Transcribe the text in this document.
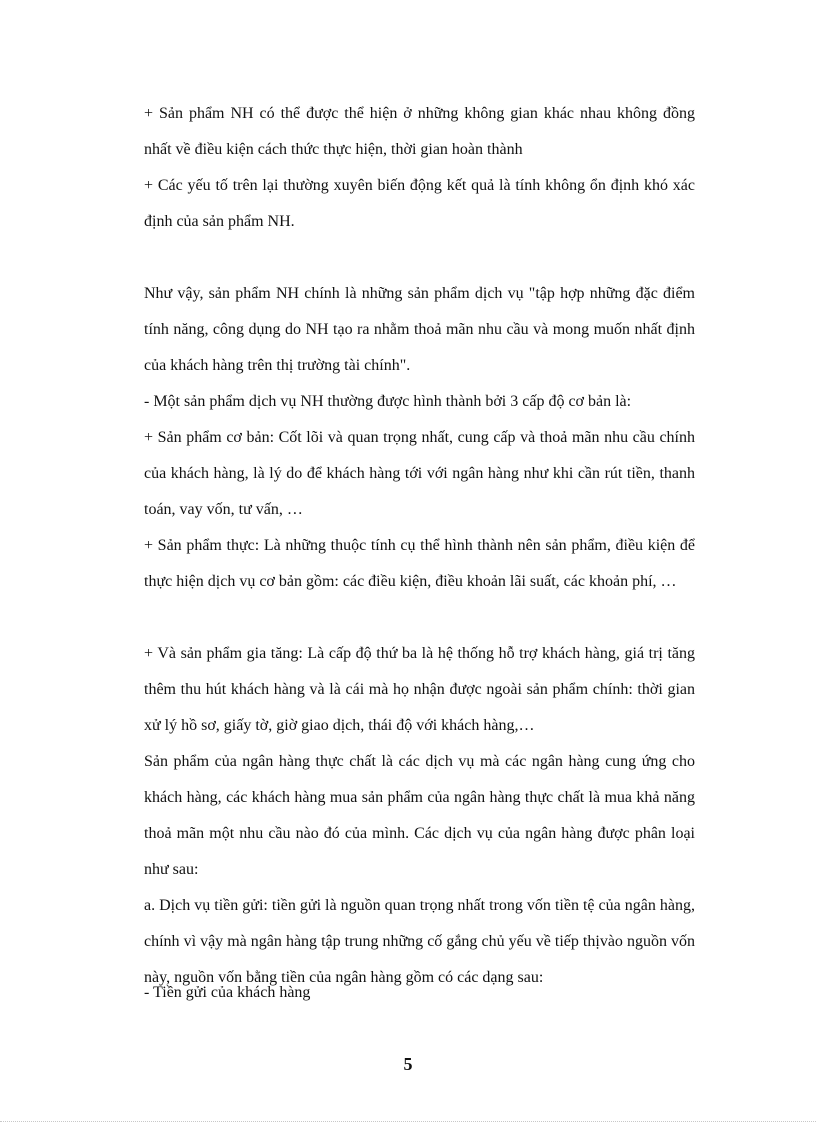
+ Sản phẩm NH có thể được thể hiện ở những không gian khác nhau không đồng nhất về điều kiện cách thức thực hiện, thời gian hoàn thành

+ Các yếu tố trên lại thường xuyên biến động kết quả là tính không ổn định khó xác định của sản phẩm NH.

Như vậy, sản phẩm NH chính là những sản phẩm dịch vụ "tập hợp những đặc điểm tính năng, công dụng do NH tạo ra nhằm thoả mãn nhu cầu và mong muốn nhất định của khách hàng trên thị trường tài chính".

- Một sản phẩm dịch vụ NH thường được hình thành bởi 3 cấp độ cơ bản là:

+ Sản phẩm cơ bản: Cốt lõi và quan trọng nhất, cung cấp và thoả mãn nhu cầu chính của khách hàng, là lý do để khách hàng tới với ngân hàng như khi cần rút tiền, thanh toán, vay vốn, tư vấn, …

+ Sản phẩm thực: Là những thuộc tính cụ thể hình thành nên sản phẩm, điều kiện để thực hiện dịch vụ cơ bản gồm: các điều kiện, điều khoản lãi suất, các khoản phí, …

+ Và sản phẩm gia tăng: Là cấp độ thứ ba là hệ thống hỗ trợ khách hàng, giá trị tăng thêm thu hút khách hàng và là cái mà họ nhận được ngoài sản phẩm chính: thời gian xử lý hồ sơ, giấy tờ, giờ giao dịch, thái độ với khách hàng,…

Sản phẩm của ngân hàng thực chất là các dịch vụ mà các ngân hàng cung ứng cho khách hàng, các khách hàng mua sản phẩm của ngân hàng thực chất là mua khả năng thoả mãn một nhu cầu nào đó của mình. Các dịch vụ của ngân hàng được phân loại như sau:

a. Dịch vụ tiền gửi: tiền gửi là nguồn quan trọng nhất trong vốn tiền tệ của ngân hàng, chính vì vậy mà ngân hàng tập trung những cố gắng chủ yếu về tiếp thịvào nguồn vốn này, nguồn vốn bằng tiền của ngân hàng gồm có các dạng sau:

- Tiền gửi của khách hàng

5
